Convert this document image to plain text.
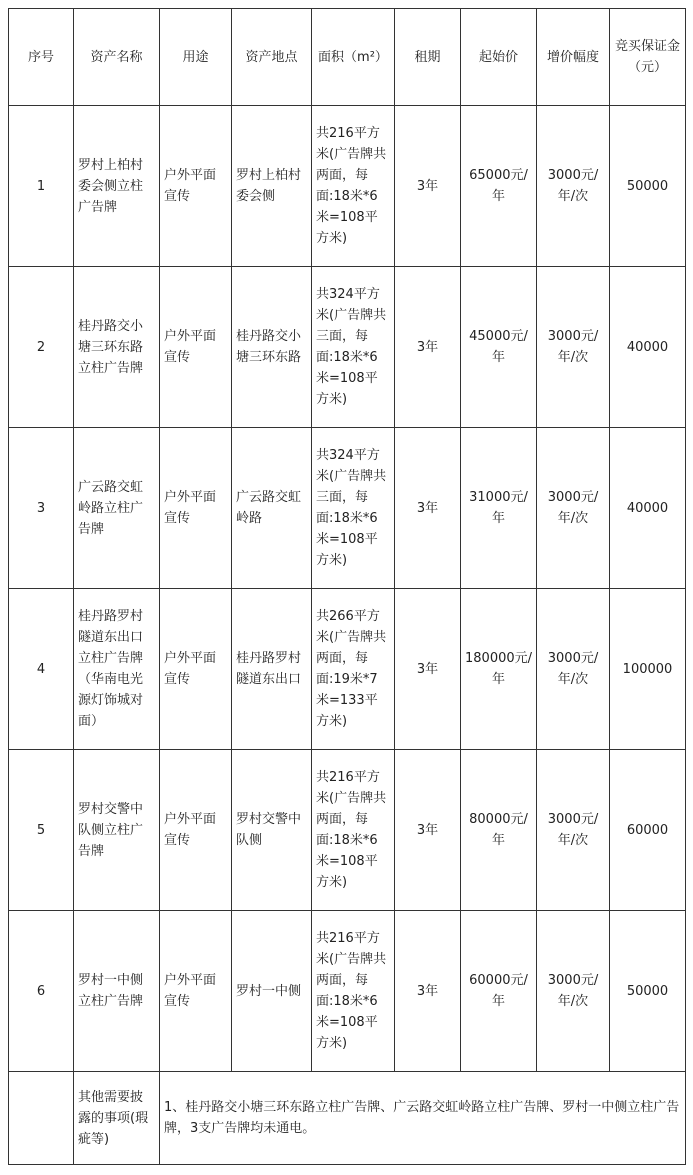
序号	资产名称	用途	资产地点	面积（m²）	租期	起始价	增价幅度	竞买保证金（元）
1	罗村上柏村委会侧立柱广告牌	户外平面宣传	罗村上柏村委会侧	共216平方米(广告牌共两面，每面:18米*6米=108平方米)	3年	65000元/年	3000元/年/次	50000
2	桂丹路交小塘三环东路立柱广告牌	户外平面宣传	桂丹路交小塘三环东路	共324平方米(广告牌共三面，每面:18米*6米=108平方米)	3年	45000元/年	3000元/年/次	40000
3	广云路交虹岭路立柱广告牌	户外平面宣传	广云路交虹岭路	共324平方米(广告牌共三面，每面:18米*6米=108平方米)	3年	31000元/年	3000元/年/次	40000
4	桂丹路罗村隧道东出口立柱广告牌（华南电光源灯饰城对面）	户外平面宣传	桂丹路罗村隧道东出口	共266平方米(广告牌共两面，每面:19米*7米=133平方米)	3年	180000元/年	3000元/年/次	100000
5	罗村交警中队侧立柱广告牌	户外平面宣传	罗村交警中队侧	共216平方米(广告牌共两面，每面:18米*6米=108平方米)	3年	80000元/年	3000元/年/次	60000
6	罗村一中侧立柱广告牌	户外平面宣传	罗村一中侧	共216平方米(广告牌共两面，每面:18米*6米=108平方米)	3年	60000元/年	3000元/年/次	50000
	其他需要披露的事项(瑕疵等)	1、桂丹路交小塘三环东路立柱广告牌、广云路交虹岭路立柱广告牌、罗村一中侧立柱广告牌，3支广告牌均未通电。						
